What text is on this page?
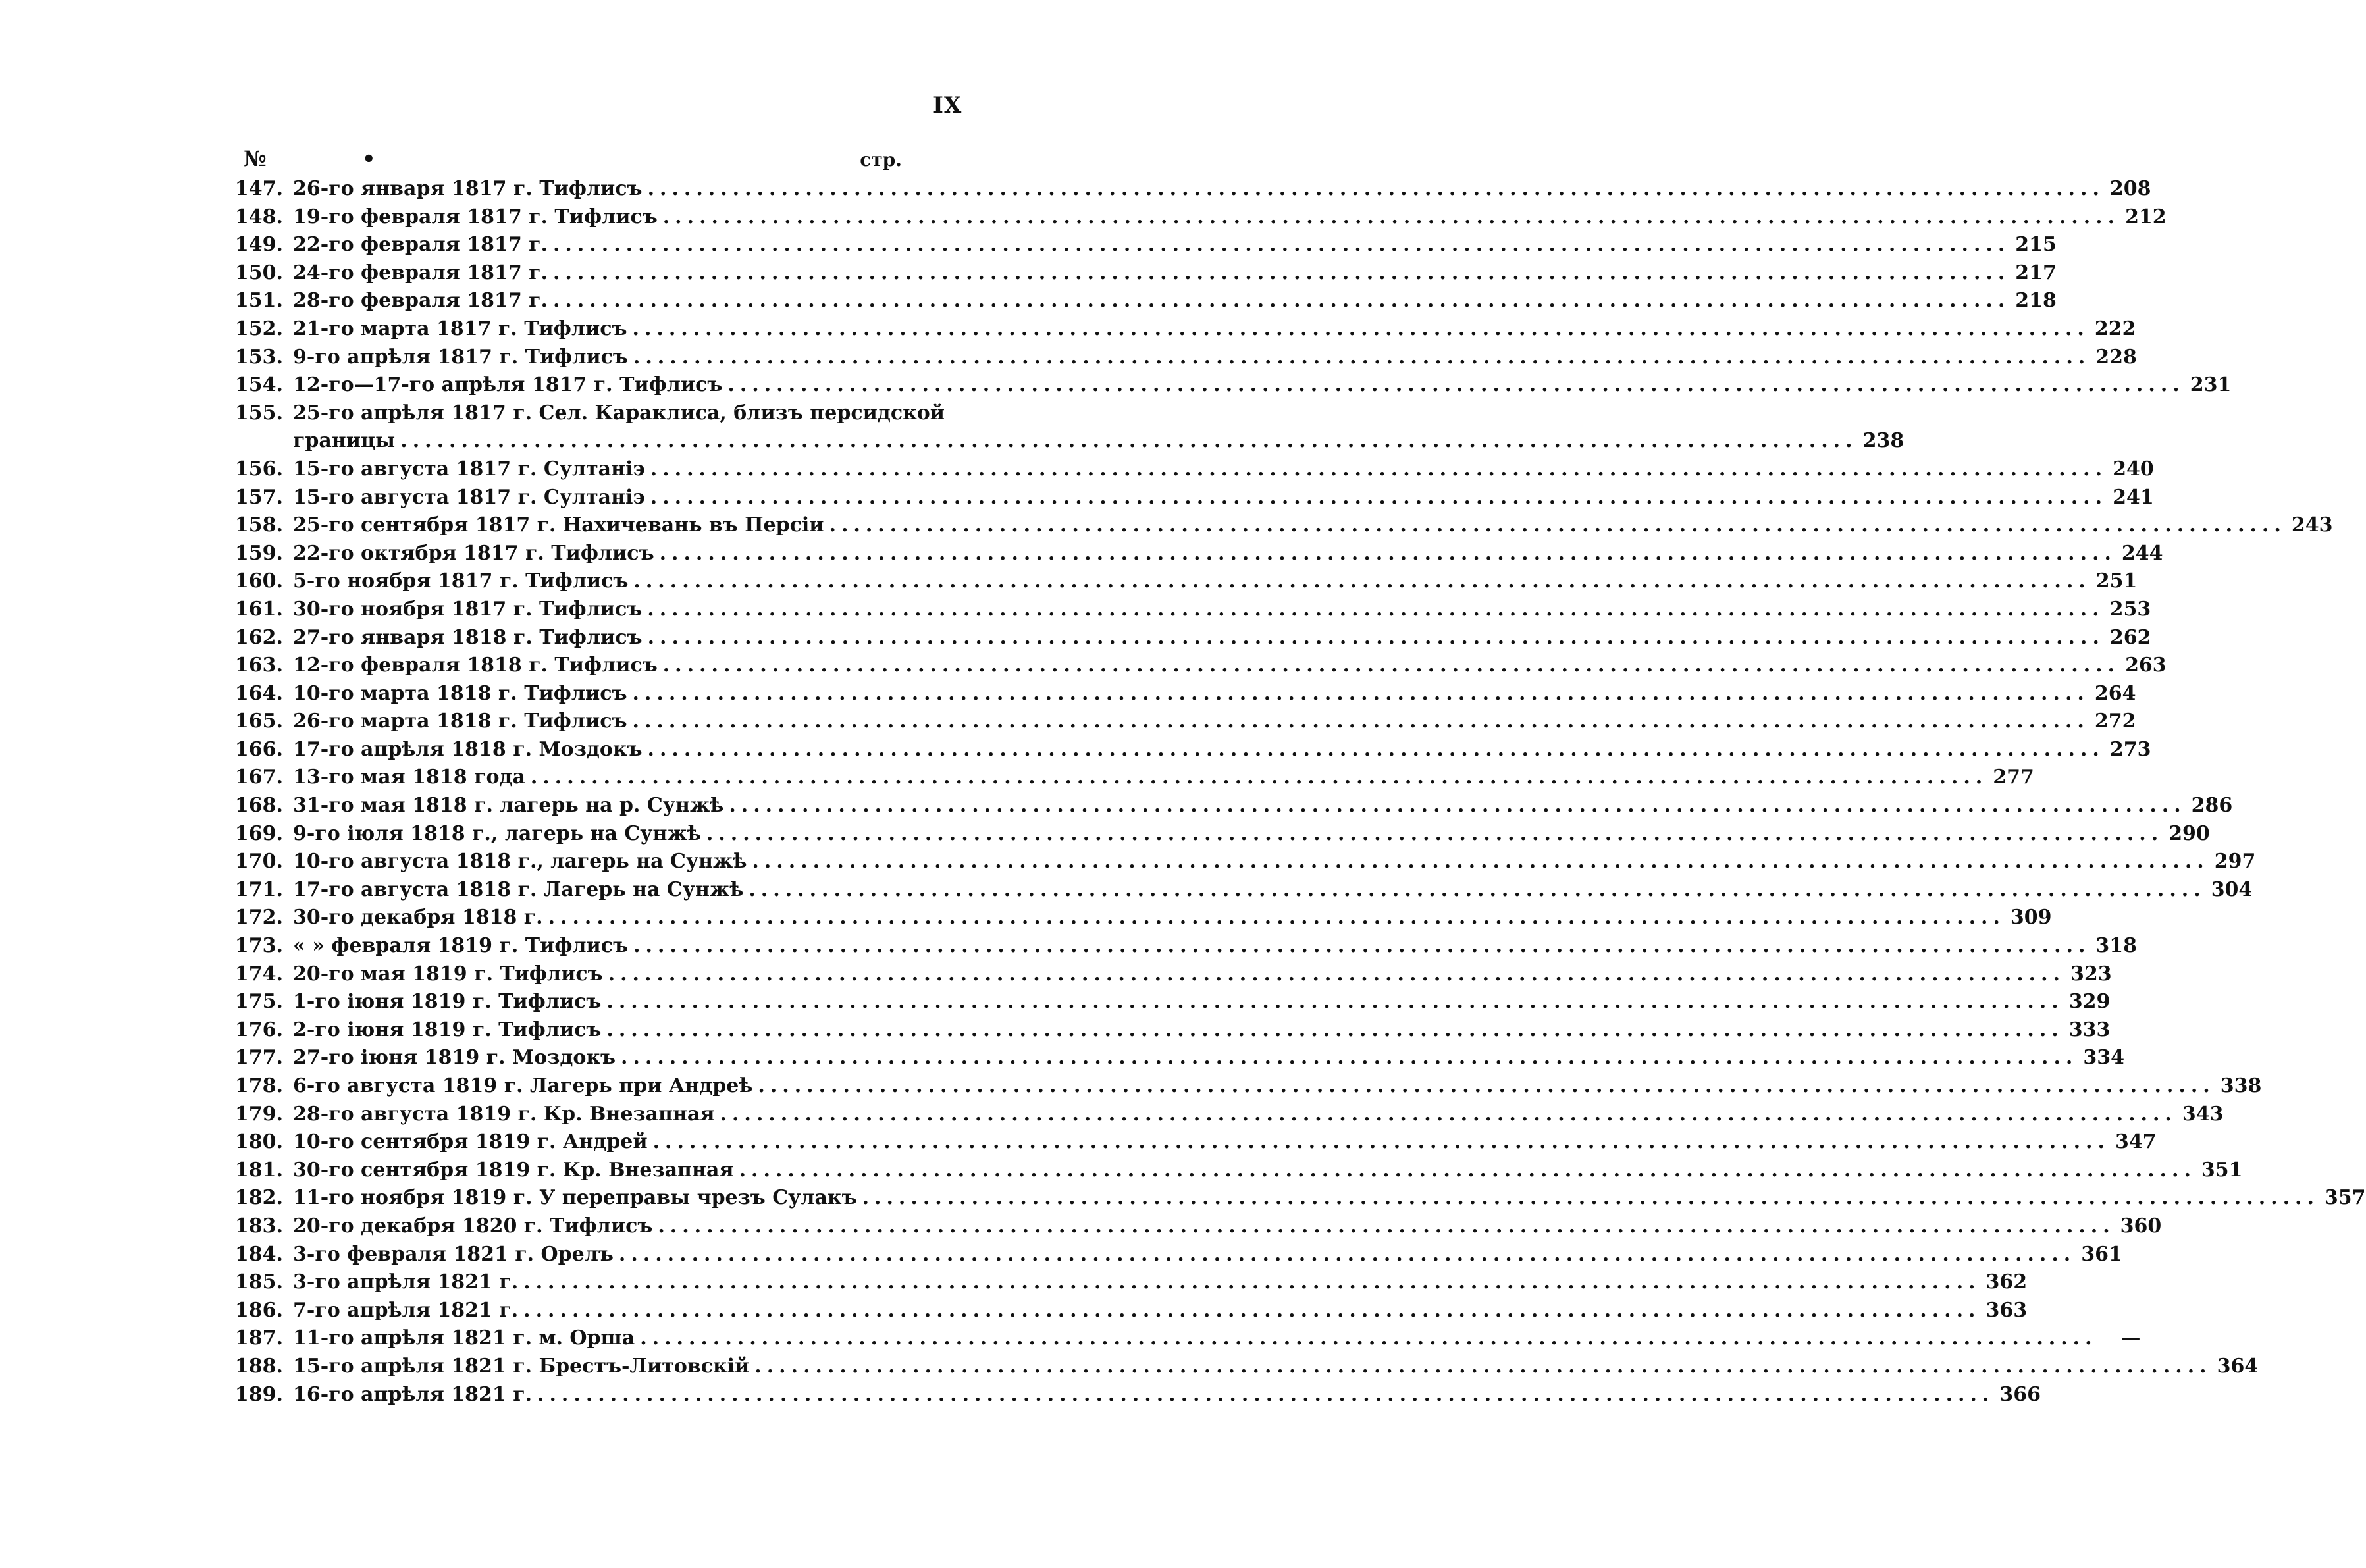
IX
№	•	стр.
147. 26-го января 1817 г. Тифлисъ ........................................................................................................................ 208
148. 19-го февраля 1817 г. Тифлисъ ........................................................................................................................ 212
149. 22-го февраля 1817 г. ........................................................................................................................ 215
150. 24-го февраля 1817 г. ........................................................................................................................ 217
151. 28-го февраля 1817 г. ........................................................................................................................ 218
152. 21-го марта 1817 г. Тифлисъ ........................................................................................................................ 222
153. 9-го апрѣля 1817 г. Тифлисъ ........................................................................................................................ 228
154. 12-го—17-го апрѣля 1817 г. Тифлисъ ........................................................................................................................ 231
155. 25-го апрѣля 1817 г. Сел. Караклиса, близъ персидской
границы ........................................................................................................................ 238
156. 15-го августа 1817 г. Султаніэ ........................................................................................................................ 240
157. 15-го августа 1817 г. Султаніэ ........................................................................................................................ 241
158. 25-го сентября 1817 г. Нахичевань въ Персіи ........................................................................................................................ 243
159. 22-го октября 1817 г. Тифлисъ ........................................................................................................................ 244
160. 5-го ноября 1817 г. Тифлисъ ........................................................................................................................ 251
161. 30-го ноября 1817 г. Тифлисъ ........................................................................................................................ 253
162. 27-го января 1818 г. Тифлисъ ........................................................................................................................ 262
163. 12-го февраля 1818 г. Тифлисъ ........................................................................................................................ 263
164. 10-го марта 1818 г. Тифлисъ ........................................................................................................................ 264
165. 26-го марта 1818 г. Тифлисъ ........................................................................................................................ 272
166. 17-го апрѣля 1818 г. Моздокъ ........................................................................................................................ 273
167. 13-го мая 1818 года ........................................................................................................................ 277
168. 31-го мая 1818 г. лагерь на р. Сунжѣ ........................................................................................................................ 286
169. 9-го іюля 1818 г., лагерь на Сунжѣ ........................................................................................................................ 290
170. 10-го августа 1818 г., лагерь на Сунжѣ ........................................................................................................................ 297
171. 17-го августа 1818 г. Лагерь на Сунжѣ ........................................................................................................................ 304
172. 30-го декабря 1818 г. ........................................................................................................................ 309
173. « » февраля 1819 г. Тифлисъ ........................................................................................................................ 318
174. 20-го мая 1819 г. Тифлисъ ........................................................................................................................ 323
175. 1-го іюня 1819 г. Тифлисъ ........................................................................................................................ 329
176. 2-го іюня 1819 г. Тифлисъ ........................................................................................................................ 333
177. 27-го іюня 1819 г. Моздокъ ........................................................................................................................ 334
178. 6-го августа 1819 г. Лагерь при Андреѣ ........................................................................................................................ 338
179. 28-го августа 1819 г. Кр. Внезапная ........................................................................................................................ 343
180. 10-го сентября 1819 г. Андрей ........................................................................................................................ 347
181. 30-го сентября 1819 г. Кр. Внезапная ........................................................................................................................ 351
182. 11-го ноября 1819 г. У переправы чрезъ Сулакъ ........................................................................................................................ 357
183. 20-го декабря 1820 г. Тифлисъ ........................................................................................................................ 360
184. 3-го февраля 1821 г. Орелъ ........................................................................................................................ 361
185. 3-го апрѣля 1821 г. ........................................................................................................................ 362
186. 7-го апрѣля 1821 г. ........................................................................................................................ 363
187. 11-го апрѣля 1821 г. м. Орша ........................................................................................................................	—
188. 15-го апрѣля 1821 г. Брестъ-Литовскій ........................................................................................................................ 364
189. 16-го апрѣля 1821 г. ........................................................................................................................ 366
